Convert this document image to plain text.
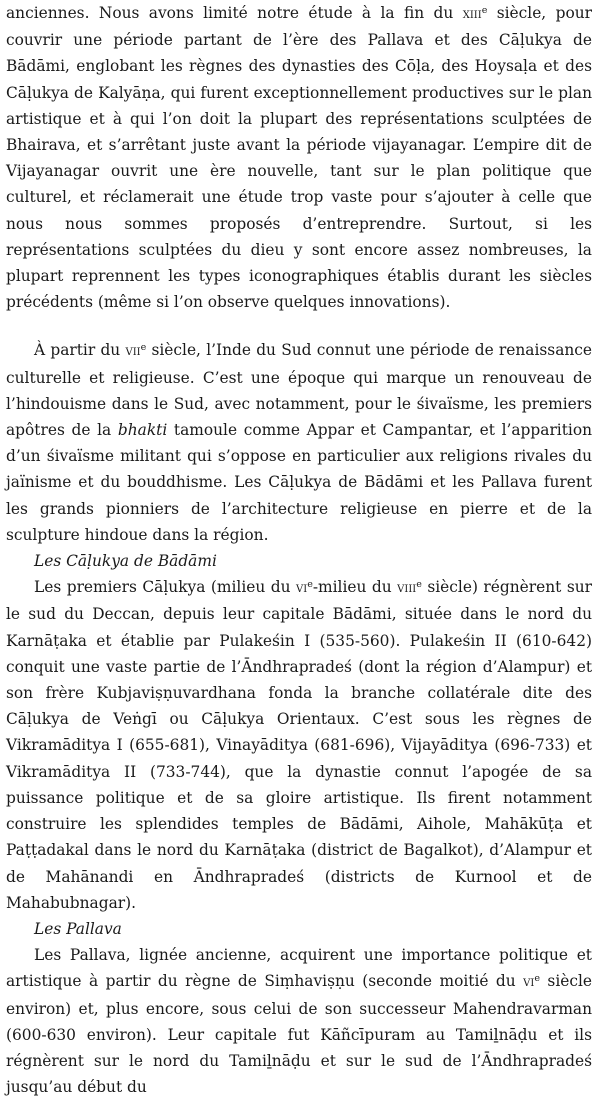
anciennes. Nous avons limité notre étude à la fin du xiii$^e$ siècle, pour couvrir une période partant de l’ère des Pallava et des Cāḷukya de Bādāmi, englobant les règnes des dynasties des Cōḷa, des Hoysaḷa et des Cāḷukya de Kalyāṇa, qui furent exceptionnellement productives sur le plan artistique et à qui l’on doit la plupart des représentations sculptées de Bhairava, et s’arrêtant juste avant la période vijayanagar. L’empire dit de Vijayanagar ouvrit une ère nouvelle, tant sur le plan politique que culturel, et réclamerait une étude trop vaste pour s’ajouter à celle que nous nous sommes proposés d’entreprendre. Surtout, si les représentations sculptées du dieu y sont encore assez nombreuses, la plupart reprennent les types iconographiques établis durant les siècles précédents (même si l’on observe quelques innovations).

À partir du vii$^e$ siècle, l’Inde du Sud connut une période de renaissance culturelle et religieuse. C’est une époque qui marque un renouveau de l’hindouisme dans le Sud, avec notamment, pour le śivaïsme, les premiers apôtres de la bhakti tamoule comme Appar et Campantar, et l’apparition d’un śivaïsme militant qui s’oppose en particulier aux religions rivales du jaïnisme et du bouddhisme. Les Cāḷukya de Bādāmi et les Pallava furent les grands pionniers de l’architecture religieuse en pierre et de la sculpture hindoue dans la région.

Les Cāḷukya de Bādāmi

Les premiers Cāḷukya (milieu du $vi^e$-milieu du viii$^e$ siècle) régnèrent sur le sud du Deccan, depuis leur capitale Bādāmi, située dans le nord du Karnāṭaka et établie par Pulakeśin I (535-560). Pulakeśin II (610-642) conquit une vaste partie de l’Āndhrapradeś (dont la région d’Alampur) et son frère Kubjaviṣṇuvardhana fonda la branche collatérale dite des Cāḷukya de Veṅgī ou Cāḷukya Orientaux. C’est sous les règnes de Vikramāditya I (655-681), Vinayāditya (681-696), Vijayāditya (696-733) et Vikramāditya II (733-744), que la dynastie connut l’apogée de sa puissance politique et de sa gloire artistique. Ils firent notamment construire les splendides temples de Bādāmi, Aihole, Mahākūṭa et Paṭṭadakal dans le nord du Karnāṭaka (district de Bagalkot), d’Alampur et de Mahānandi en Āndhrapradeś (districts de Kurnool et de Mahabubnagar).

Les Pallava

Les Pallava, lignée ancienne, acquirent une importance politique et artistique à partir du règne de Siṃhaviṣṇu (seconde moitié du $vi^e$ siècle environ) et, plus encore, sous celui de son successeur Mahendravarman (600-630 environ). Leur capitale fut Kāñcīpuram au Tamiḻnāḍu et ils régnèrent sur le nord du Tamiḻnāḍu et sur le sud de l’Āndhrapradeś jusqu’au début du
